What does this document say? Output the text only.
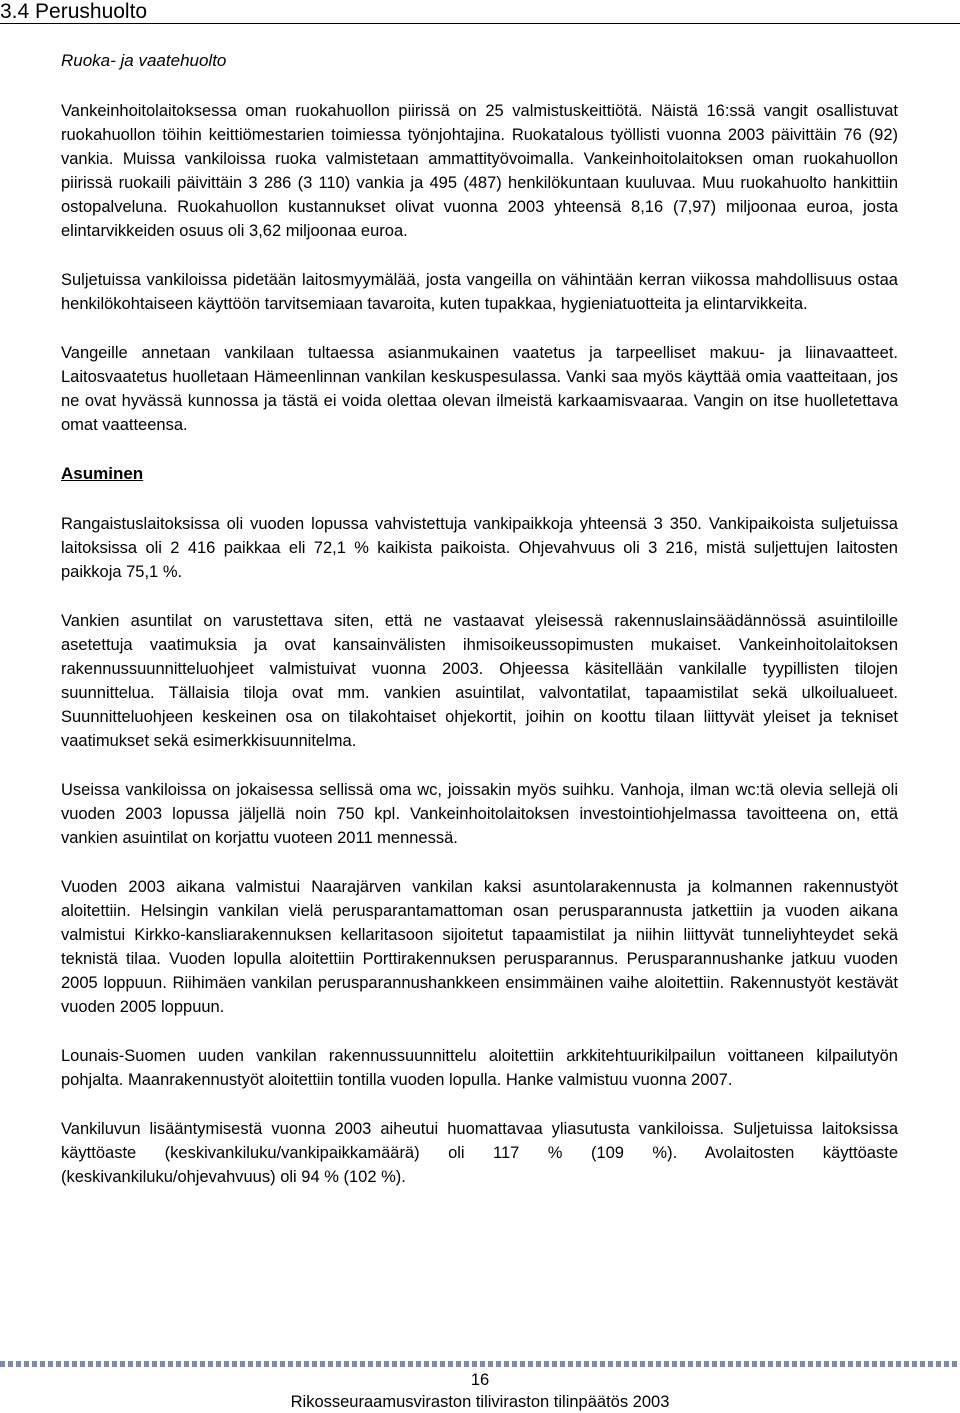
3.4 Perushuolto
Ruoka- ja vaatehuolto

Vankeinhoitolaitoksessa oman ruokahuollon piirissä on 25 valmistuskeittiötä. Näistä 16:ssä vangit osallistuvat ruokahuollon töihin keittiömestarien toimiessa työnjohtajina. Ruokatalous työllisti vuonna 2003 päivittäin 76 (92) vankia. Muissa vankiloissa ruoka valmistetaan ammattityövoimalla. Vankeinhoitolaitoksen oman ruokahuollon piirissä ruokaili päivittäin 3 286 (3 110) vankia ja 495 (487) henkilökuntaan kuuluvaa. Muu ruokahuolto hankittiin ostopalveluna. Ruokahuollon kustannukset olivat vuonna 2003 yhteensä 8,16 (7,97) miljoonaa euroa, josta elintarvikkeiden osuus oli 3,62 miljoonaa euroa.

Suljetuissa vankiloissa pidetään laitosmyymälää, josta vangeilla on vähintään kerran viikossa mahdollisuus ostaa henkilökohtaiseen käyttöön tarvitsemiaan tavaroita, kuten tupakkaa, hygieniatuotteita ja elintarvikkeita.

Vangeille annetaan vankilaan tultaessa asianmukainen vaatetus ja tarpeelliset makuu- ja liinavaatteet. Laitosvaatetus huolletaan Hämeenlinnan vankilan keskuspesulassa. Vanki saa myös käyttää omia vaatteitaan, jos ne ovat hyvässä kunnossa ja tästä ei voida olettaa olevan ilmeistä karkaamisvaaraa. Vangin on itse huolletettava omat vaatteensa.

Asuminen

Rangaistuslaitoksissa oli vuoden lopussa vahvistettuja vankipaikkoja yhteensä 3 350. Vankipaikoista suljetuissa laitoksissa oli 2 416 paikkaa eli 72,1 % kaikista paikoista. Ohjevahvuus oli 3 216, mistä suljettujen laitosten paikkoja 75,1 %.

Vankien asuntilat on varustettava siten, että ne vastaavat yleisessä rakennuslainsäädännössä asuintiloille asetettuja vaatimuksia ja ovat kansainvälisten ihmisoikeussopimusten mukaiset. Vankeinhoitolaitoksen rakennussuunnitteluohjeet valmistuivat vuonna 2003. Ohjeessa käsitellään vankilalle tyypillisten tilojen suunnittelua. Tällaisia tiloja ovat mm. vankien asuintilat, valvontatilat, tapaamistilat sekä ulkoilualueet. Suunnitteluohjeen keskeinen osa on tilakohtaiset ohjekortit, joihin on koottu tilaan liittyvät yleiset ja tekniset vaatimukset sekä esimerkkisuunnitelma.

Useissa vankiloissa on jokaisessa sellissä oma wc, joissakin myös suihku. Vanhoja, ilman wc:tä olevia sellejä oli vuoden 2003 lopussa jäljellä noin 750 kpl. Vankeinhoitolaitoksen investointiohjelmassa tavoitteena on, että vankien asuintilat on korjattu vuoteen 2011 mennessä.

Vuoden 2003 aikana valmistui Naarajärven vankilan kaksi asuntolarakennusta ja kolmannen rakennustyöt aloitettiin. Helsingin vankilan vielä perusparantamattoman osan perusparannusta jatkettiin ja vuoden aikana valmistui Kirkko-kansliarakennuksen kellaritasoon sijoitetut tapaamistilat ja niihin liittyvät tunneliyhteydet sekä teknistä tilaa. Vuoden lopulla aloitettiin Porttirakennuksen perusparannus. Perusparannushanke jatkuu vuoden 2005 loppuun. Riihimäen vankilan perusparannushankkeen ensimmäinen vaihe aloitettiin. Rakennustyöt kestävät vuoden 2005 loppuun.

Lounais-Suomen uuden vankilan rakennussuunnittelu aloitettiin arkkitehtuurikilpailun voittaneen kilpailutyön pohjalta. Maanrakennustyöt aloitettiin tontilla vuoden lopulla. Hanke valmistuu vuonna 2007.

Vankiluvun lisääntymisestä vuonna 2003 aiheutui huomattavaa yliasutusta vankiloissa. Suljetuissa laitoksissa käyttöaste (keskivankiluku/vankipaikkamäärä) oli 117 % (109 %). Avolaitosten käyttöaste (keskivankiluku/ohjevahvuus) oli 94 % (102 %).

16

Rikosseuraamusviraston tiliviraston tilinpäätös 2003
